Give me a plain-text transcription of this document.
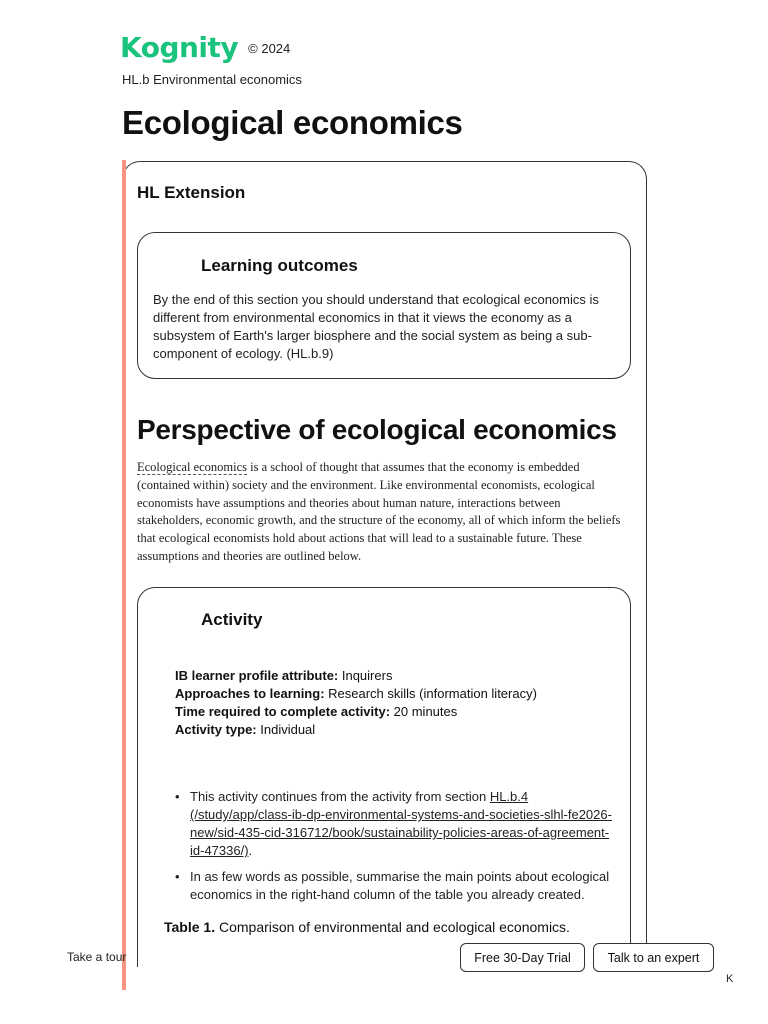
Kognity © 2024
HL.b Environmental economics
Ecological economics
HL Extension
Learning outcomes

By the end of this section you should understand that ecological economics is different from environmental economics in that it views the economy as a subsystem of Earth's larger biosphere and the social system as being a sub-component of ecology. (HL.b.9)

Perspective of ecological economics

Ecological economics is a school of thought that assumes that the economy is embedded (contained within) society and the environment. Like environmental economists, ecological economists have assumptions and theories about human nature, interactions between stakeholders, economic growth, and the structure of the economy, all of which inform the beliefs that ecological economists hold about actions that will lead to a sustainable future. These assumptions and theories are outlined below.

Activity
IB learner profile attribute: Inquirers
Approaches to learning: Research skills (information literacy)
Time required to complete activity: 20 minutes
Activity type: Individual
• This activity continues from the activity from section HL.b.4 (/study/app/class-ib-dp-environmental-systems-and-societies-slhl-fe2026-new/sid-435-cid-316712/book/sustainability-policies-areas-of-agreement-id-47336/).
• In as few words as possible, summarise the main points about ecological economics in the right-hand column of the table you already created.
Table 1. Comparison of environmental and ecological economics.
Take a tour	Free 30-Day Trial	Talk to an expert
K
